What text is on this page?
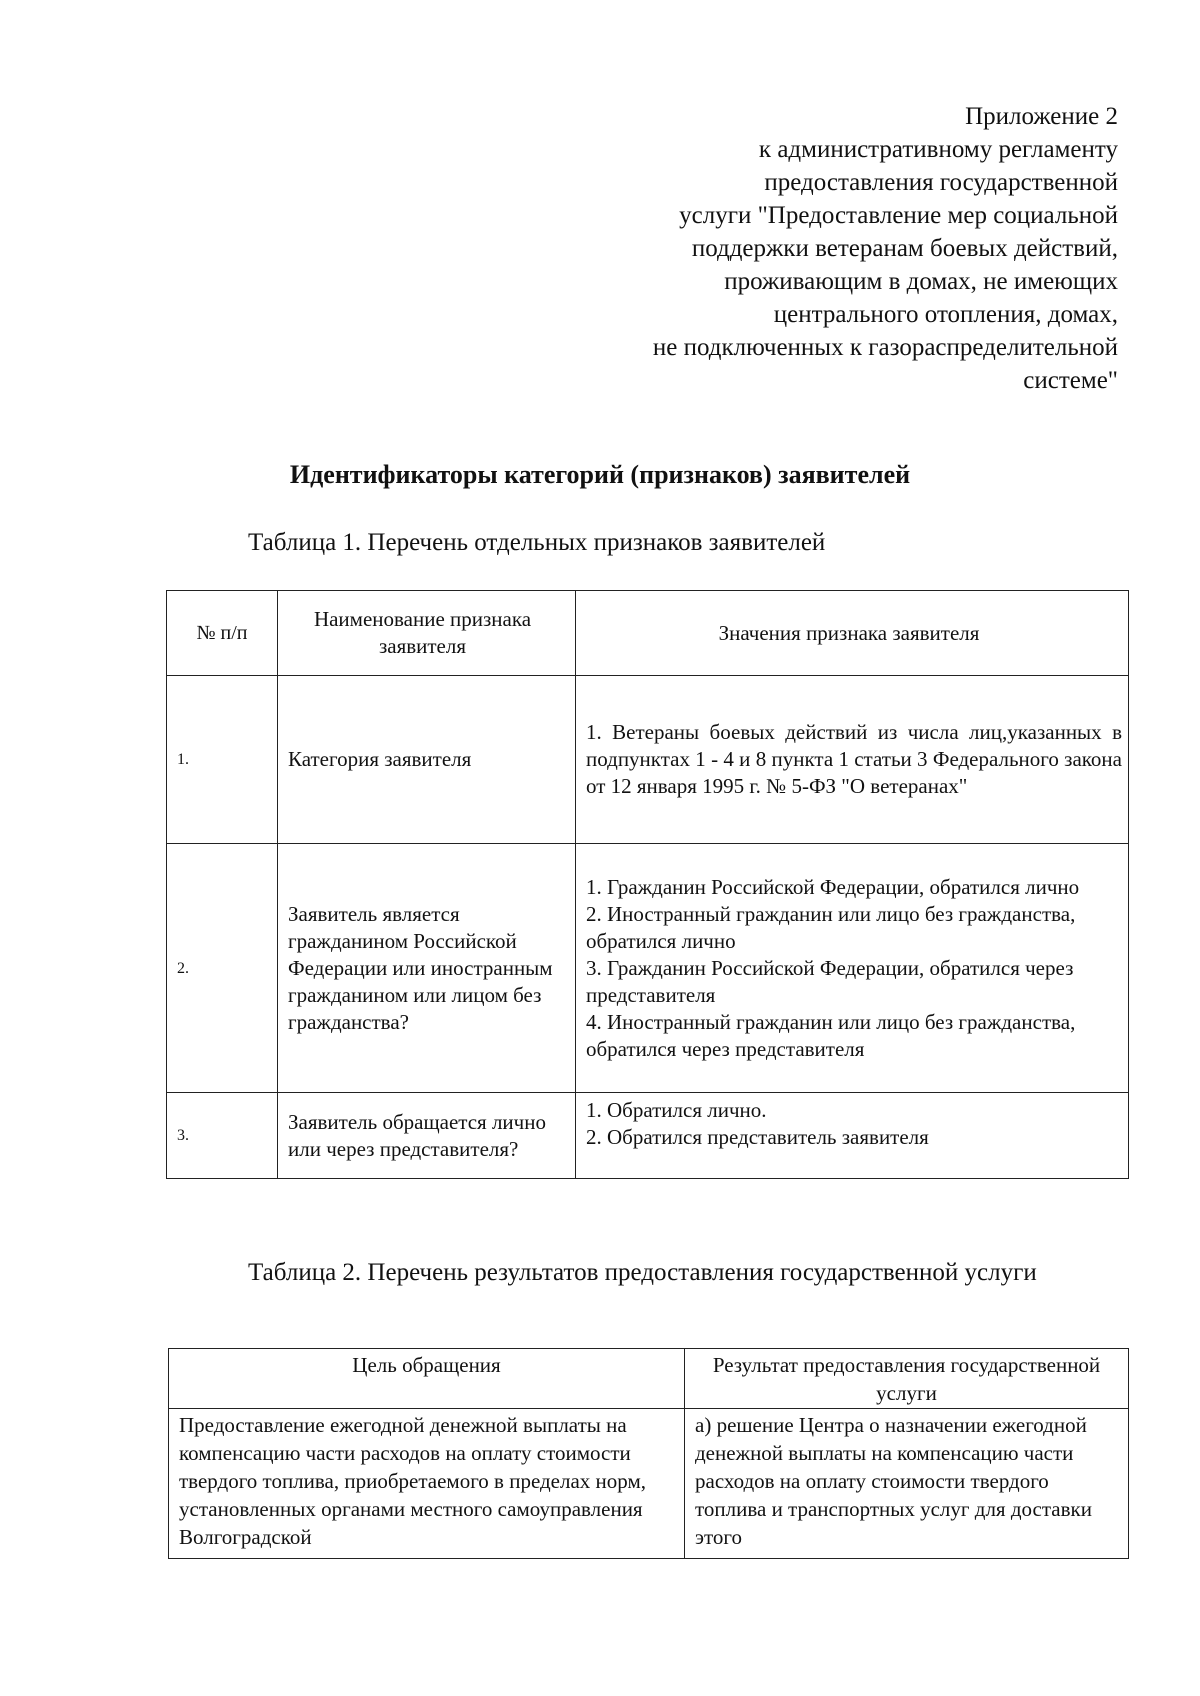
Приложение 2
к административному регламенту
предоставления государственной
услуги "Предоставление мер социальной
поддержки ветеранам боевых действий,
проживающим в домах, не имеющих
центрального отопления, домах,
не подключенных к газораспределительной
системе"
Идентификаторы категорий (признаков) заявителей
Таблица 1. Перечень отдельных признаков заявителей
№ п/п	Наименование признака заявителя	Значения признака заявителя
1.	Категория заявителя	1. Ветераны боевых действий из числа лиц,указанных в подпунктах 1 - 4 и 8 пункта 1 статьи 3 Федерального закона от 12 января 1995 г. № 5-ФЗ "О ветеранах"

2.	Заявитель является гражданином Российской Федерации или иностранным гражданином или лицом без гражданства?	1. Гражданин Российской Федерации, обратился лично
2. Иностранный гражданин или лицо без гражданства, обратился лично
3. Гражданин Российской Федерации, обратился через представителя
4. Иностранный гражданин или лицо без гражданства, обратился через представителя

3.	Заявитель обращается лично или через представителя?	1. Обратился лично.
2. Обратился представитель заявителя
Таблица 2. Перечень результатов предоставления государственной услуги
Цель обращения	Результат предоставления государственной услуги
Предоставление ежегодной денежной выплаты на компенсацию части расходов на оплату стоимости твердого топлива, приобретаемого в пределах норм, установленных органами местного самоуправления Волгоградской	а) решение Центра о назначении ежегодной денежной выплаты на компенсацию части расходов на оплату стоимости твердого топлива и транспортных услуг для доставки этого
